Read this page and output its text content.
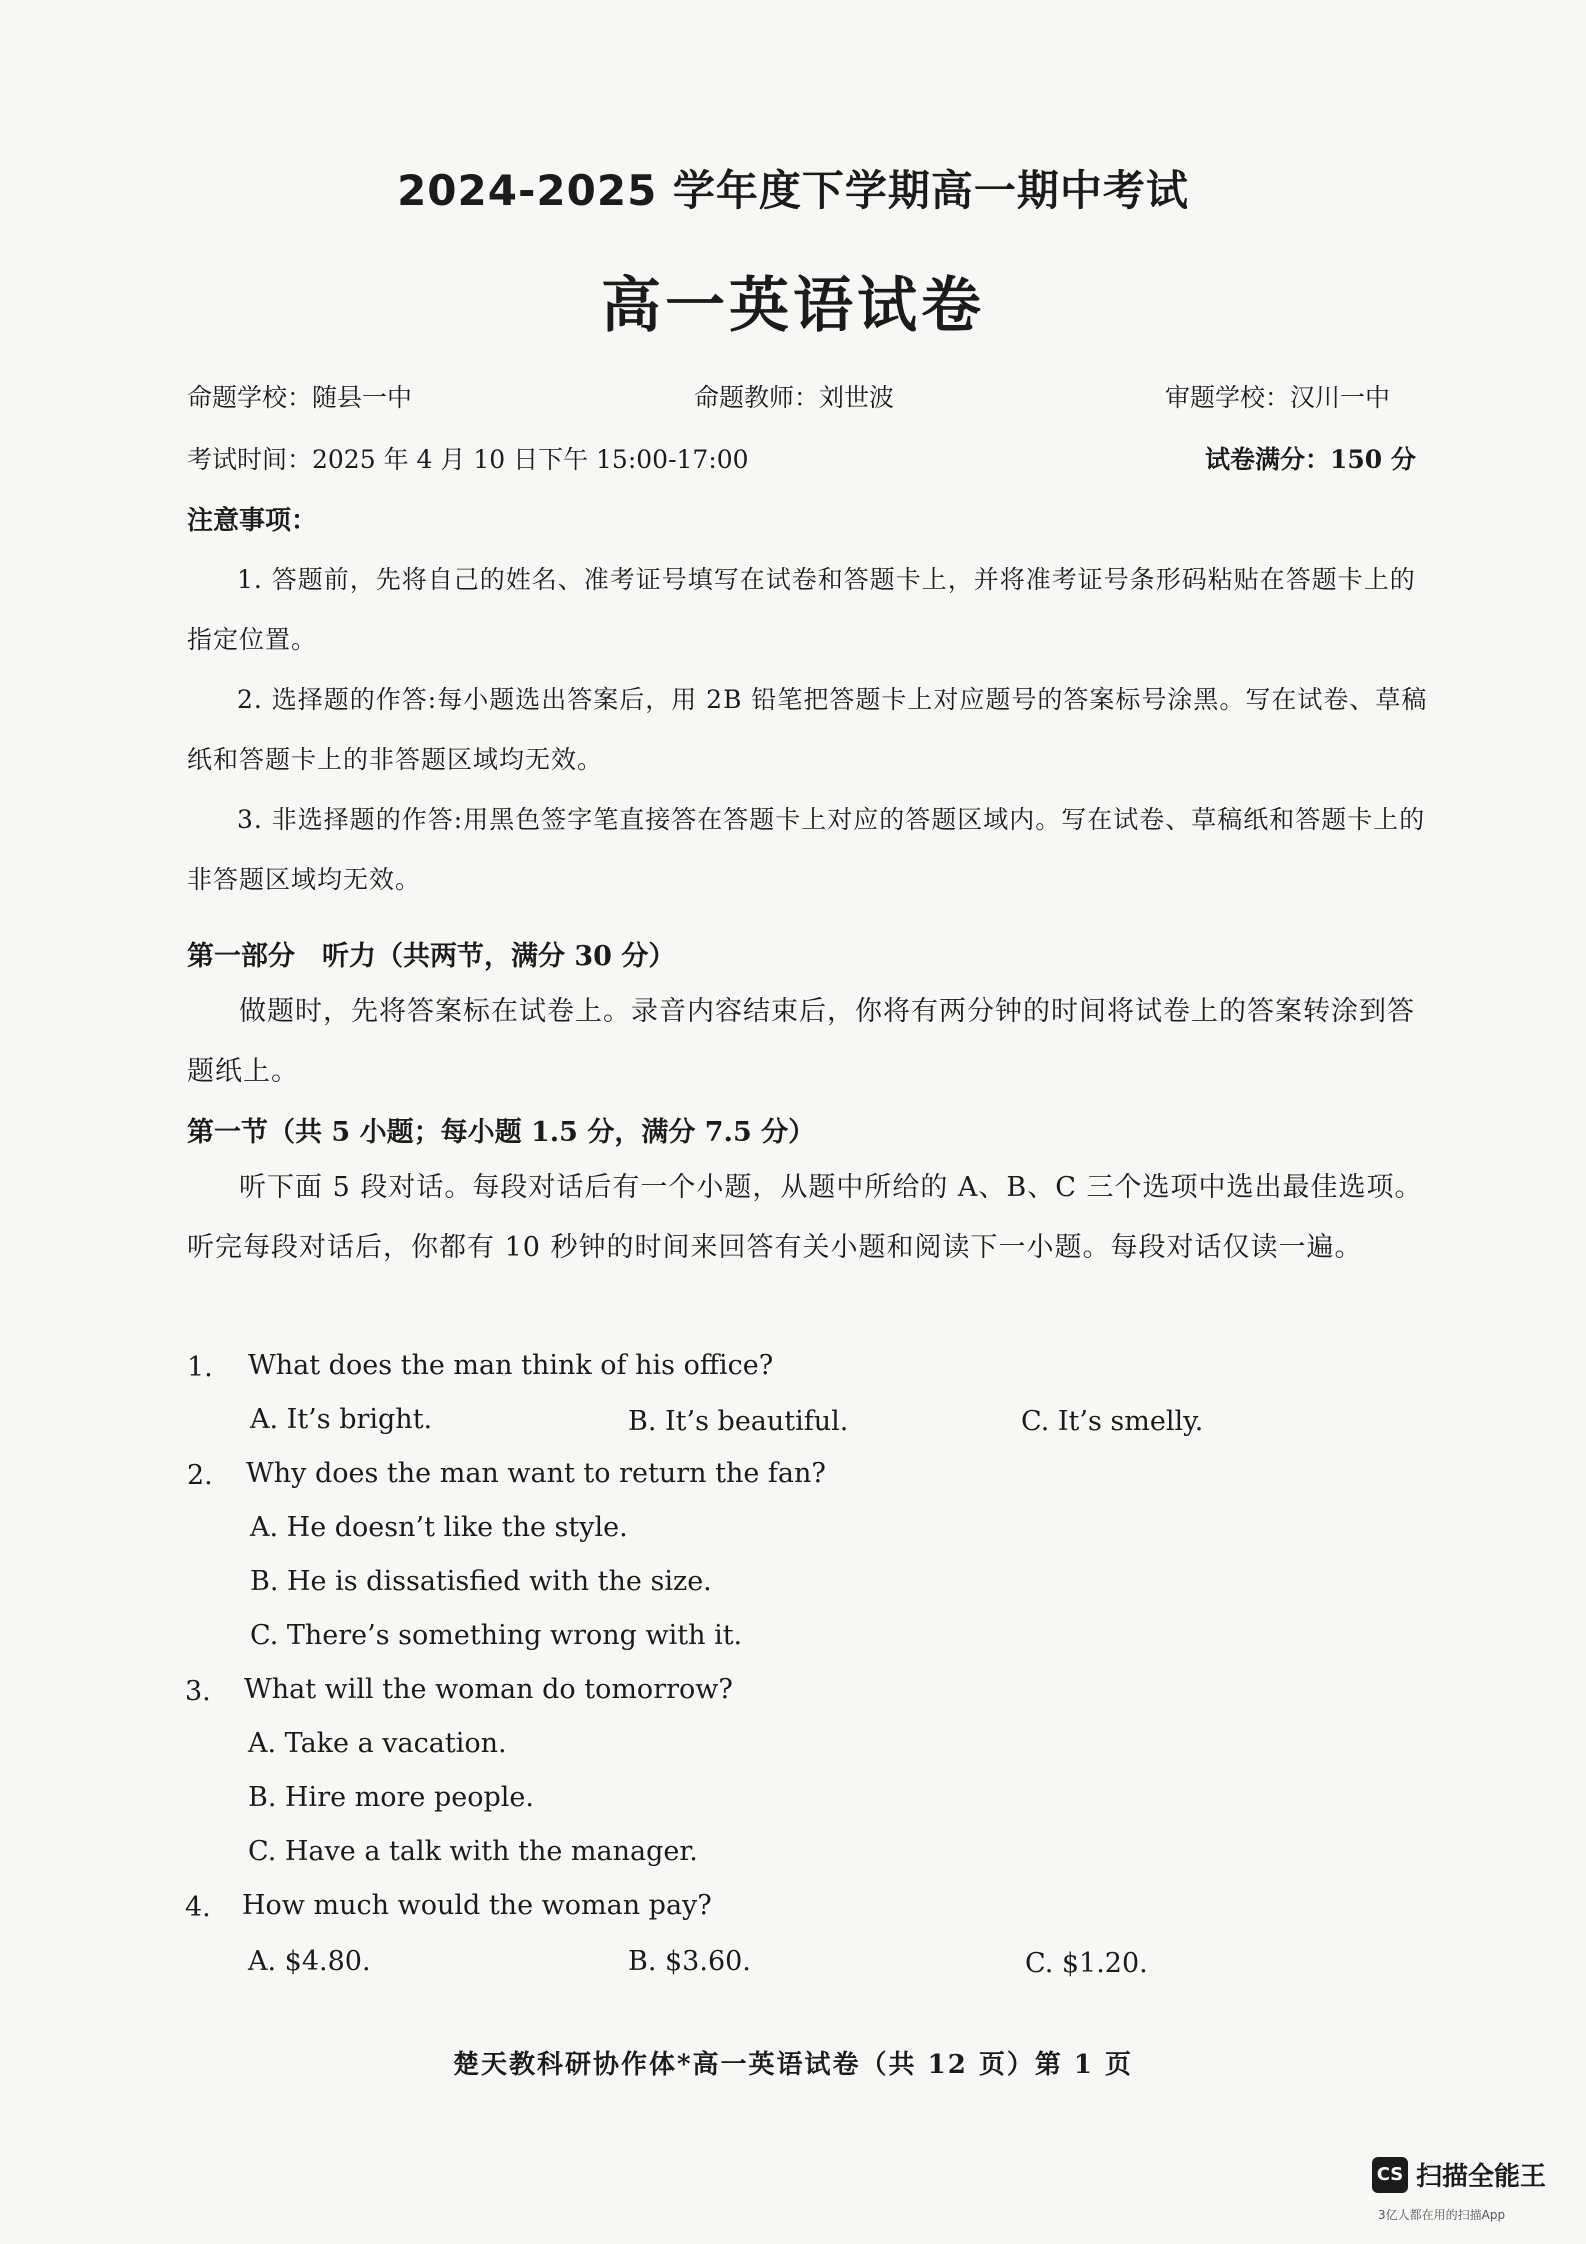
2024-2025 学年度下学期高一期中考试
高一英语试卷
命题学校：随县一中	命题教师：刘世波	审题学校：汉川一中
考试时间：2025 年 4 月 10 日下午 15:00-17:00	试卷满分：150 分
注意事项：
1. 答题前，先将自己的姓名、准考证号填写在试卷和答题卡上，并将准考证号条形码粘贴在答题卡上的指定位置。
2. 选择题的作答:每小题选出答案后，用 2B 铅笔把答题卡上对应题号的答案标号涂黑。写在试卷、草稿纸和答题卡上的非答题区域均无效。
3. 非选择题的作答:用黑色签字笔直接答在答题卡上对应的答题区域内。写在试卷、草稿纸和答题卡上的非答题区域均无效。
第一部分　听力（共两节，满分 30 分）
做题时，先将答案标在试卷上。录音内容结束后，你将有两分钟的时间将试卷上的答案转涂到答题纸上。
第一节（共 5 小题；每小题 1.5 分，满分 7.5 分）
听下面 5 段对话。每段对话后有一个小题，从题中所给的 A、B、C 三个选项中选出最佳选项。听完每段对话后，你都有 10 秒钟的时间来回答有关小题和阅读下一小题。每段对话仅读一遍。
1. What does the man think of his office?
A. It’s bright.	B. It’s beautiful.	C. It’s smelly.
2. Why does the man want to return the fan?
A. He doesn’t like the style.
B. He is dissatisfied with the size.
C. There’s something wrong with it.
3. What will the woman do tomorrow?
A. Take a vacation.
B. Hire more people.
C. Have a talk with the manager.
4. How much would the woman pay?
A. $4.80.	B. $3.60.	C. $1.20.
楚天教科研协作体*高一英语试卷（共 12 页）第 1 页
CS 扫描全能王
3亿人都在用的扫描App
